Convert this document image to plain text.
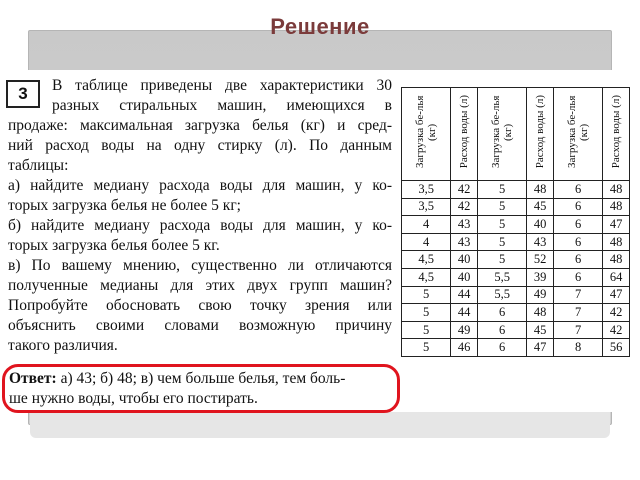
Решение
3	В таблице приведены две характеристики 30
разных стиральных машин, имеющихся в
продаже: максимальная загрузка белья (кг) и сред-
ний расход воды на одну стирку (л). По данным
таблицы:
а) найдите медиану расхода воды для машин, у ко-
торых загрузка белья не более 5 кг;
б) найдите медиану расхода воды для машин, у ко-
торых загрузка белья более 5 кг.
в) По вашему мнению, существенно ли отличаются
полученные медианы для этих двух групп машин?
Попробуйте обосновать свою точку зрения или
объяснить своими словами возможную причину
такого различия.
Загрузка бе-лья (кг)	Расход воды (л)	Загрузка бе-лья (кг)	Расход воды (л)	Загрузка бе-лья (кг)	Расход воды (л)
3,5	42	5	48	6	48
3,5	42	5	45	6	48
4	43	5	40	6	47
4	43	5	43	6	48
4,5	40	5	52	6	48
4,5	40	5,5	39	6	64
5	44	5,5	49	7	47
5	44	6	48	7	42
5	49	6	45	7	42
5	46	6	47	8	56
Ответ: а) 43; б) 48; в) чем больше белья, тем боль-
ше нужно воды, чтобы его постирать.
